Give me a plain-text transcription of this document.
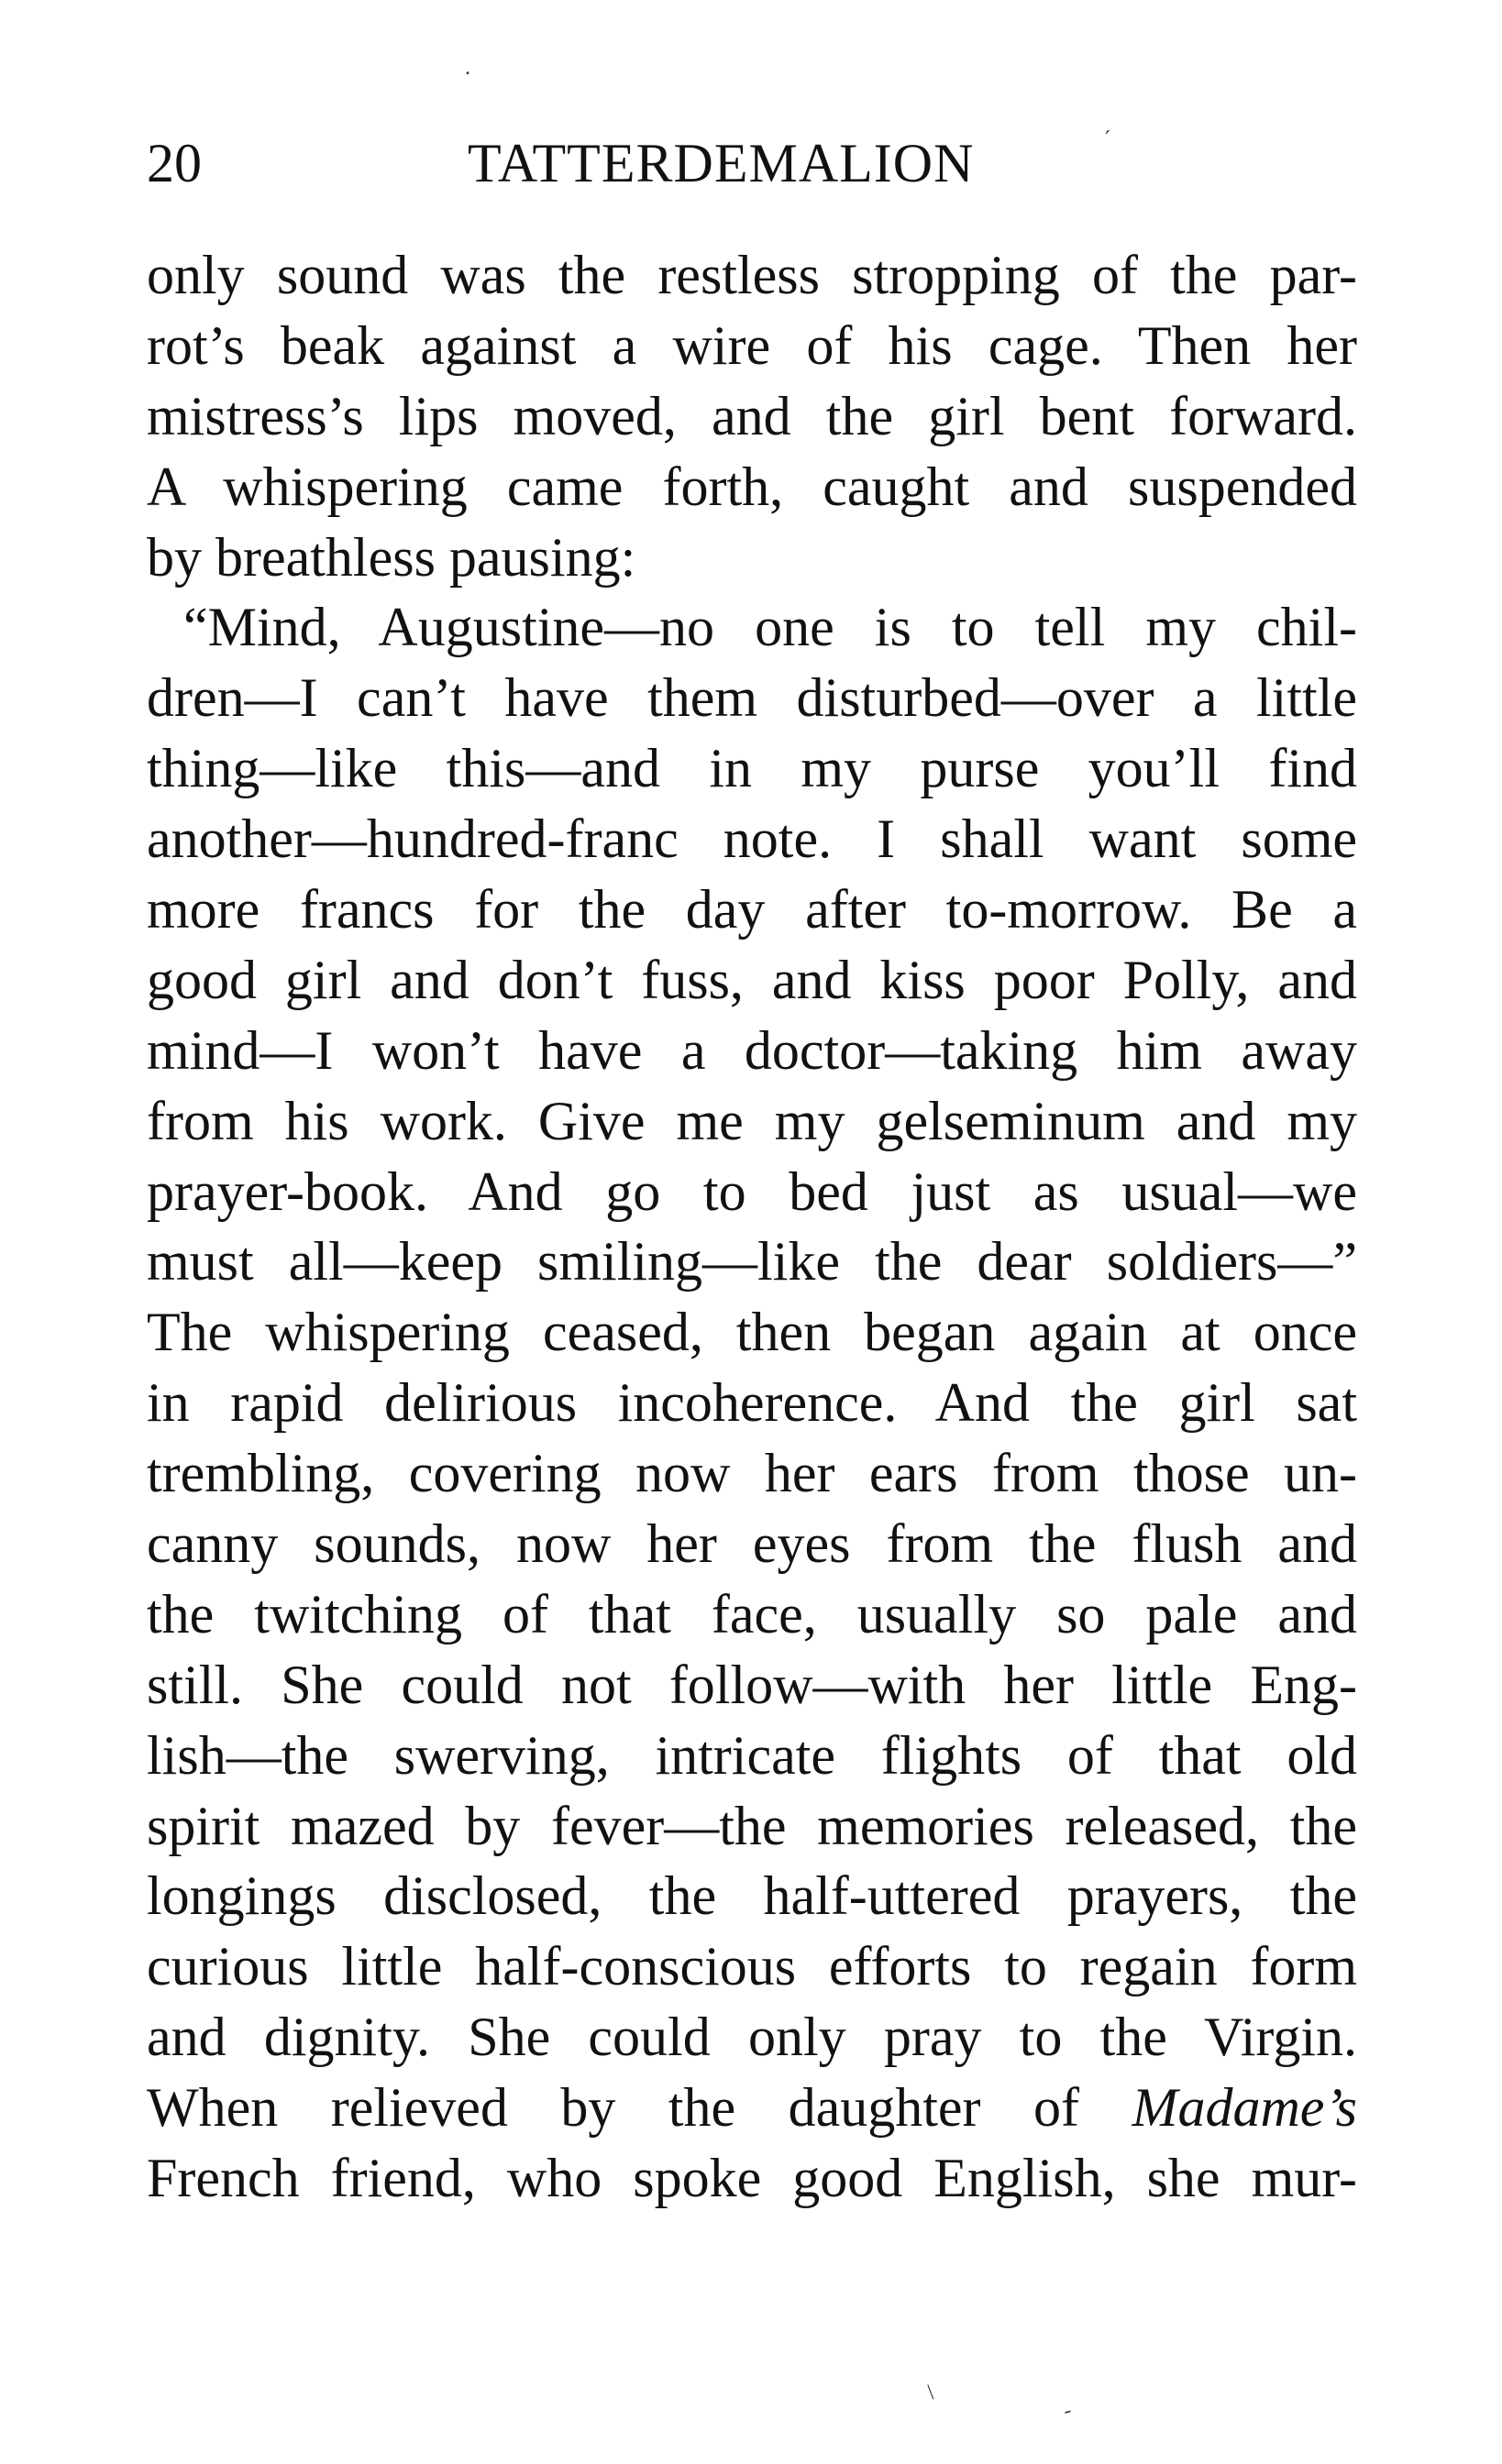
.
´
20	TATTERDEMALION
only sound was the restless stropping of the par-
rot’s beak against a wire of his cage. Then her
mistress’s lips moved, and the girl bent forward.
A whispering came forth, caught and suspended
by breathless pausing:
“Mind, Augustine—no one is to tell my chil-
dren—I can’t have them disturbed—over a little
thing—like this—and in my purse you’ll find
another—hundred-franc note. I shall want some
more francs for the day after to-morrow. Be a
good girl and don’t fuss, and kiss poor Polly, and
mind—I won’t have a doctor—taking him away
from his work. Give me my gelseminum and my
prayer-book. And go to bed just as usual—we
must all—keep smiling—like the dear soldiers—”
The whispering ceased, then began again at once
in rapid delirious incoherence. And the girl sat
trembling, covering now her ears from those un-
canny sounds, now her eyes from the flush and
the twitching of that face, usually so pale and
still. She could not follow—with her little Eng-
lish—the swerving, intricate flights of that old
spirit mazed by fever—the memories released, the
longings disclosed, the half-uttered prayers, the
curious little half-conscious efforts to regain form
and dignity. She could only pray to the Virgin.
When relieved by the daughter of Madame’s
French friend, who spoke good English, she mur-
/
-
